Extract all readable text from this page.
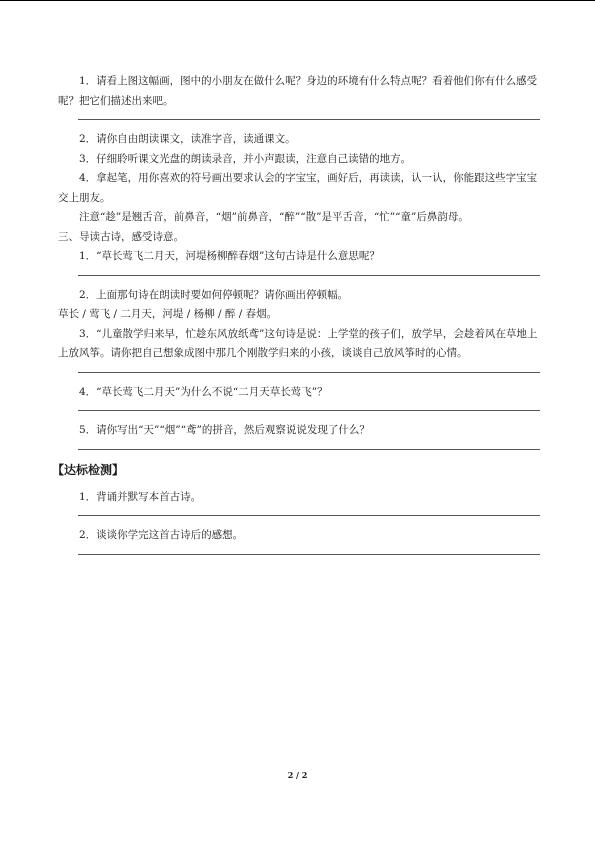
1．请看上图这幅画，图中的小朋友在做什么呢？身边的环境有什么特点呢？看着他们你有什么感受呢？把它们描述出来吧。

2．请你自由朗读课文，读准字音，读通课文。

3．仔细聆听课文光盘的朗读录音，并小声跟读，注意自己读错的地方。

4．拿起笔，用你喜欢的符号画出要求认会的字宝宝，画好后，再读读，认一认，你能跟这些字宝宝交上朋友。

注意“趁”是翘舌音，前鼻音，“烟”前鼻音，“醉”“散”是平舌音，“忙”“童”后鼻韵母。

三、导读古诗，感受诗意。

1．“草长莺飞二月天，河堤杨柳醉春烟”这句古诗是什么意思呢？

2．上面那句诗在朗读时要如何停顿呢？请你画出停顿幅。

草长 / 莺飞 / 二月天，河堤 / 杨柳 / 醉 / 春烟。

3．“儿童散学归来早，忙趁东风放纸鸢”这句诗是说：上学堂的孩子们，放学早，会趁着风在草地上上放风筝。请你把自己想象成图中那几个刚散学归来的小孩，谈谈自己放风筝时的心情。

4．“草长莺飞二月天”为什么不说“二月天草长莺飞”？

5．请你写出“天”“烟”“鸢”的拼音，然后观察说说发现了什么？

【达标检测】

1．背诵并默写本首古诗。

2．谈谈你学完这首古诗后的感想。

2 / 2
